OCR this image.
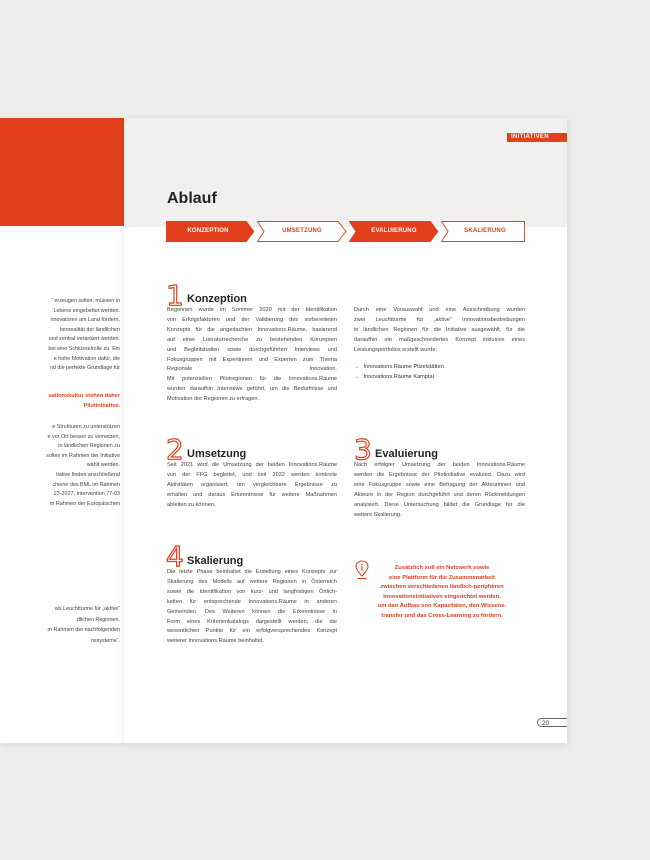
“ erzeugen sollen, müssen in
Lebens eingebettet werden.
nnovatoren am Land fördern,
benrealität der ländlichen
und zentral verankert werden.
bei eine Schlüsselrolle zu. Ein
e hohe Motivation dafür, die
nd die perfekte Grundlage für
vationskultur stehen daher
Pilotinitiative.
e Strukturen zu unterstützen
e vor Ort besser zu vernetzen,
in ländlichen Regionen zu
sollen im Rahmen der Initiative
wählt werden.
tiative finden anschließend
chiene des BML im Rahmen
23-2027, Intervention 77-03
m Rahmen der Europäischen
als Leuchttürme für „aktive“
dlichen Regionen.
m Rahmen der nachfolgenden
nssysteme“.
INITIATIVEN
Ablauf
KONZEPTION	UMSETZUNG	EVALUIERUNG	SKALIERUNG
1 Konzeption
Begonnen wurde im Sommer 2020 mit der Identifikation
von Erfolgsfaktoren und der Validierung des vorbereiteten
Konzepts für die angedachten Innovations.Räume, basierend
auf einer Literaturrecherche zu bestehenden Konzepten
und Begleitstudien sowie durchgeführten Interviews und
Fokusgruppen mit Expertinnen und Experten zum Thema
Regionale Innovation.
Mit potenziellen Pilotregionen für die Innovations.Räume
wurden daraufhin Interviews geführt, um die Bedürfnisse und
Motivation der Regionen zu erfragen.
Durch eine Vorauswahl und eine Ausschreibung wurden
zwei Leuchttürme für „aktive“ Innovationsbestrebungen
in ländlichen Regionen für die Initiative ausgewählt, für die
daraufhin ein maßgeschneidertes Konzept inklusive eines
Leistungsportfolios erstellt wurde:
→ Innovations.Räume Pitzelstätten
→ Innovations.Räume Kamptal
2 Umsetzung
Seit 2021 wird die Umsetzung der beiden Innovations.Räume
von der FFG begleitet, und seit 2022 werden konkrete
Aktivitäten organisiert, um vergleichbare Ergebnisse zu
erhalten und daraus Erkenntnisse für weitere Maßnahmen
ableiten zu können.
3 Evaluierung
Nach erfolgter Umsetzung der beiden Innovations.Räume
werden die Ergebnisse der Pilotinitiative evaluiert. Dazu wird
eine Fokusgruppe sowie eine Befragung der Akteurinnen und
Akteure in der Region durchgeführt und deren Rückmeldungen
analysiert. Diese Untersuchung bildet die Grundlage für die
weitere Skalierung.
4 Skalierung
Die letzte Phase beinhaltet die Erstellung eines Konzepts zur
Skalierung des Modells auf weitere Regionen in Österreich
sowie die Identifikation von kurz- und langfristigen Örtlich-
keiten für entsprechende Innovations.Räume in anderen
Gemeinden. Des Weiteren können die Erkenntnisse in
Form eines Kriterienkatalogs dargestellt werden, die die
wesentlichen Punkte für ein erfolgversprechendes Konzept
weiterer Innovations.Räume beinhaltet.
Zusätzlich soll ein Netzwerk sowie
eine Plattform für die Zusammenarbeit
zwischen verschiedenen ländlich-peripheren
Innovationsinitiativen eingerichtet werden,
um den Aufbau von Kapazitäten, den Wissens-
transfer und das Cross-Learning zu fördern.
20
